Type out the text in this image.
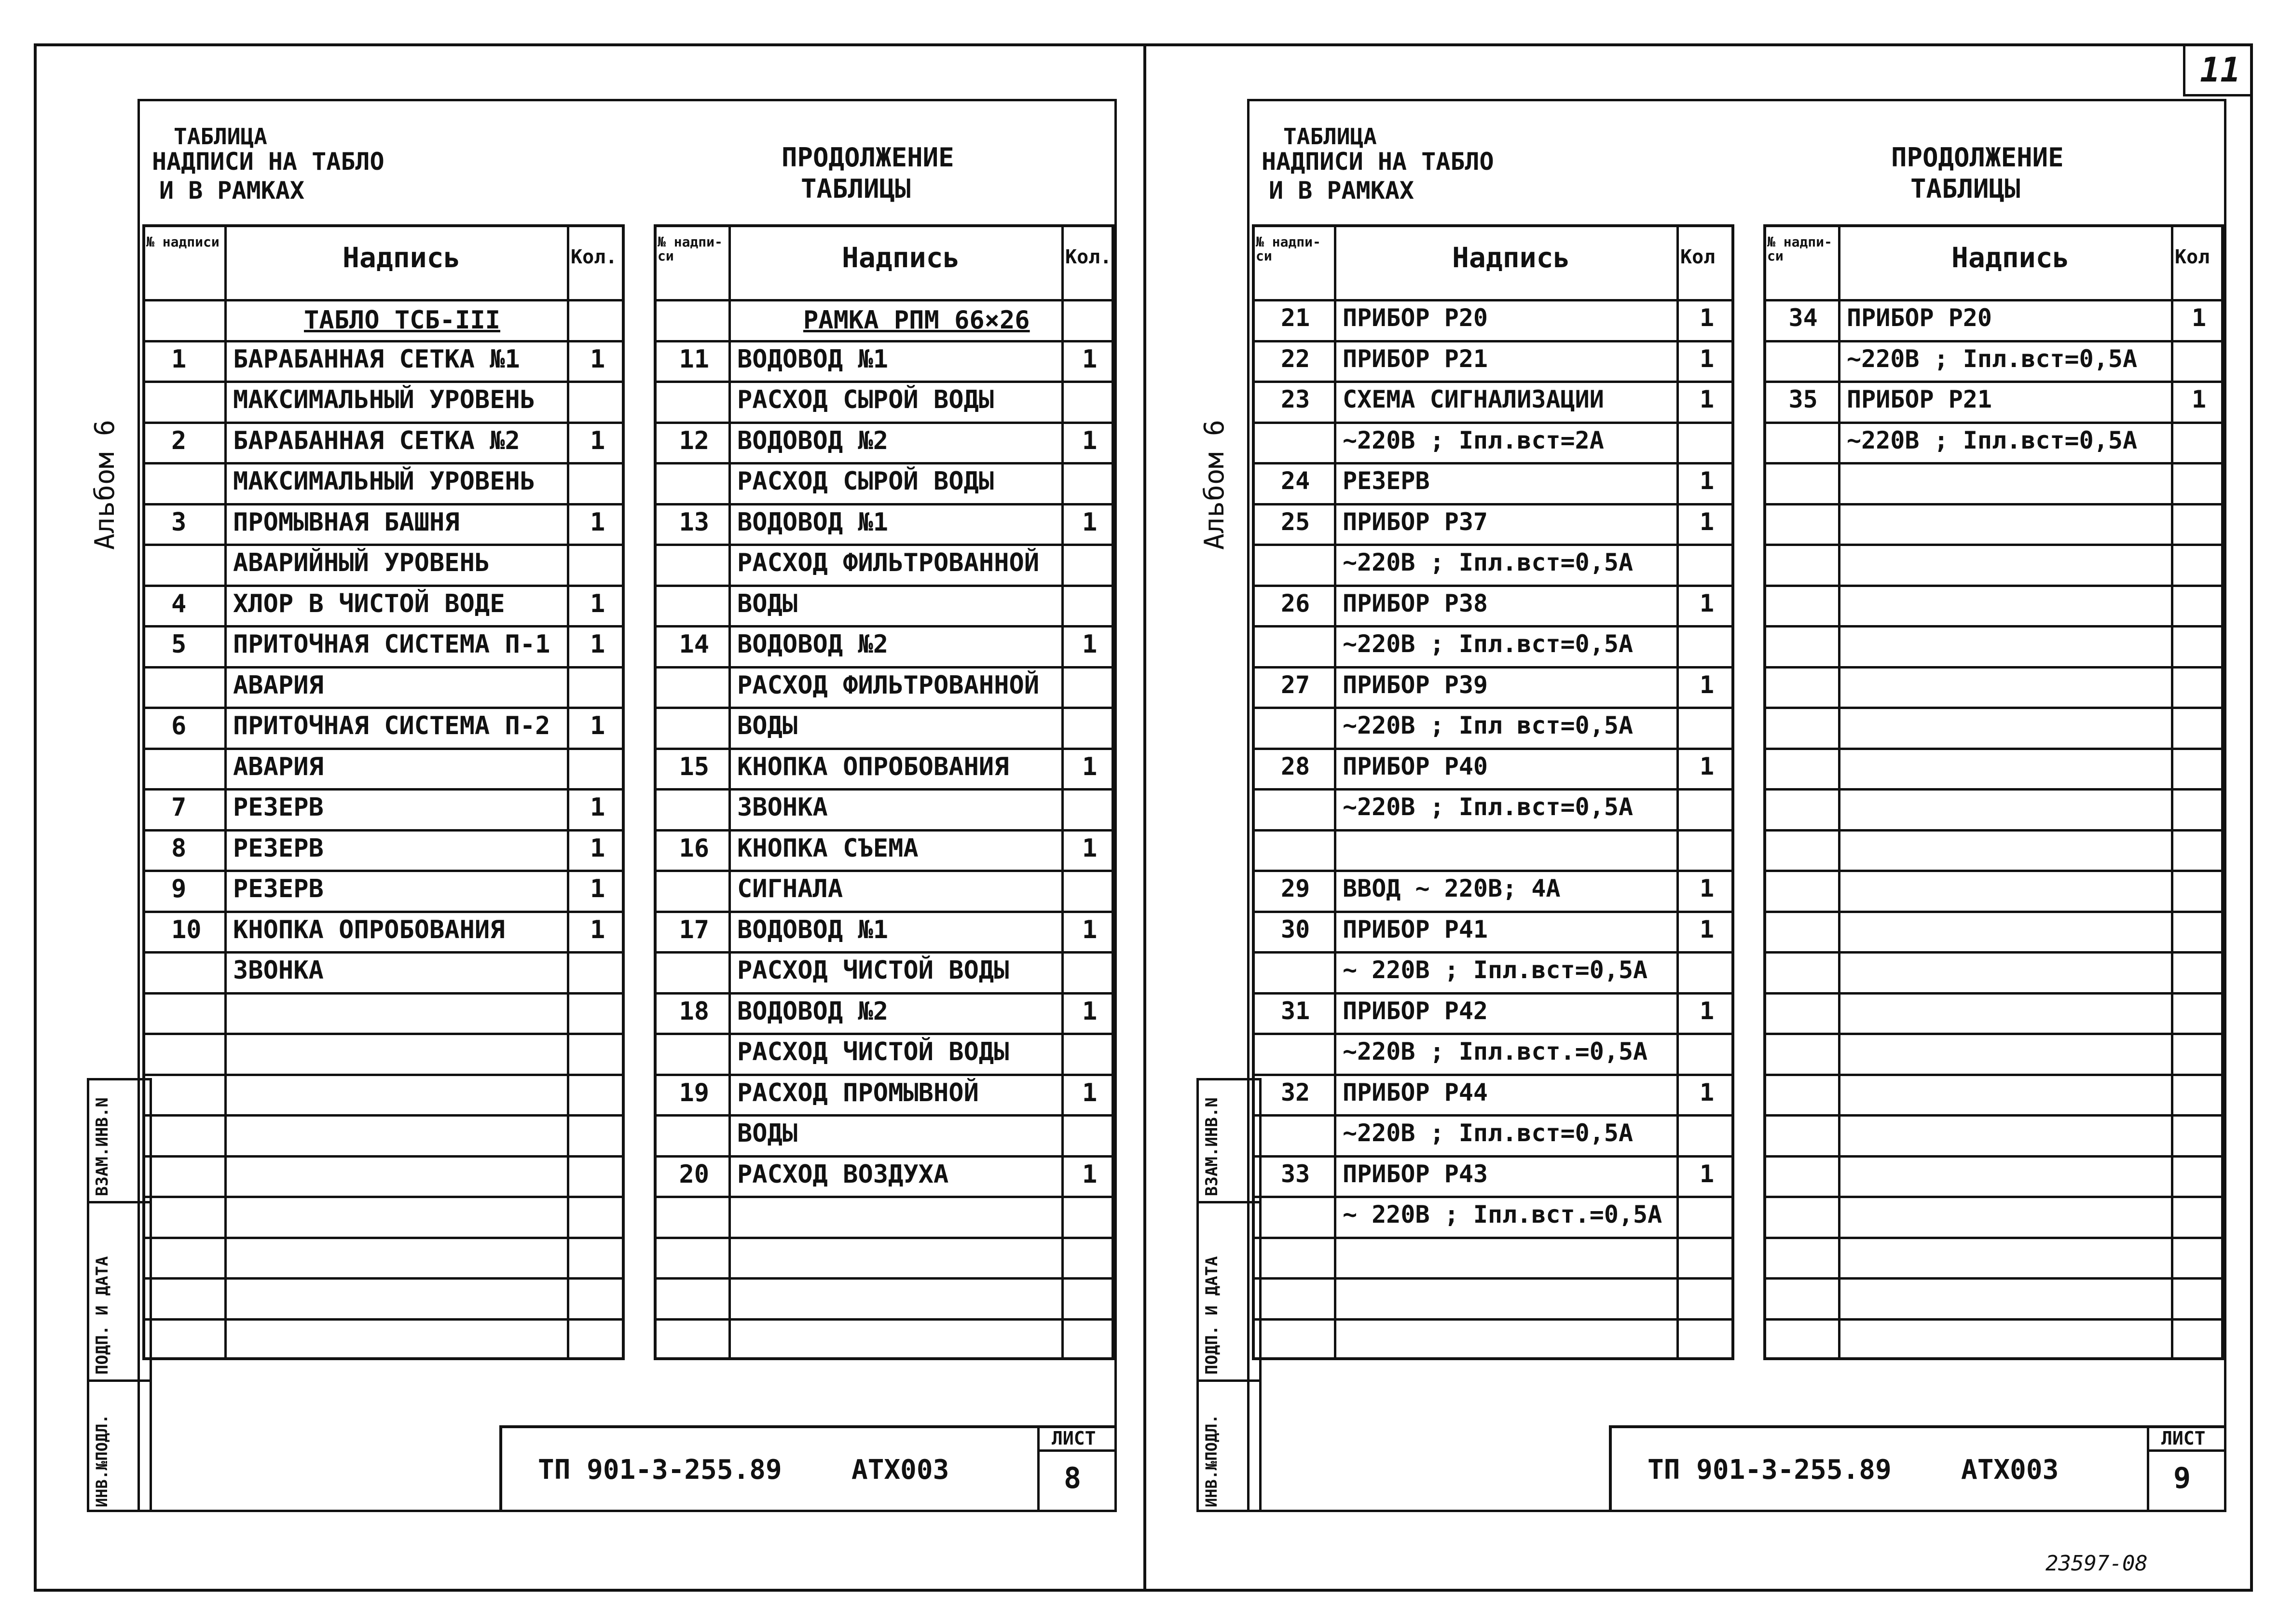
11
ВЗАМ.ИНВ.N
ПОДП. И ДАТА
ИНВ.№ПОДЛ.
Альбом 6
ТАБЛИЦА
НАДПИСИ НА ТАБЛО
И В РАМКАХ
ПРОДОЛЖЕНИЕ
ТАБЛИЦЫ
№ надписи	Надпись	Кол.
ТАБЛО ТСБ-III
1 БАРАБАННАЯ СЕТКА №1	1
МАКСИМАЛЬНЫЙ УРОВЕНЬ
2 БАРАБАННАЯ СЕТКА №2	1
МАКСИМАЛЬНЫЙ УРОВЕНЬ
3 ПРОМЫВНАЯ БАШНЯ	1
АВАРИЙНЫЙ УРОВЕНЬ
4 ХЛОР В ЧИСТОЙ ВОДЕ	1
5 ПРИТОЧНАЯ СИСТЕМА П-1 1
АВАРИЯ
6 ПРИТОЧНАЯ СИСТЕМА П-2 1
АВАРИЯ
7 РЕЗЕРВ	1
8 РЕЗЕРВ	1
9 РЕЗЕРВ	1
10 КНОПКА ОПРОБОВАНИЯ	1
ЗВОНКА
№ надпи-си	Надпись	Кол.
РАМКА РПМ 66×26
11 ВОДОВОД №1	1
РАСХОД СЫРОЙ ВОДЫ
12 ВОДОВОД №2	1
РАСХОД СЫРОЙ ВОДЫ
13 ВОДОВОД №1	1
РАСХОД ФИЛЬТРОВАННОЙ
ВОДЫ
14 ВОДОВОД №2	1
РАСХОД ФИЛЬТРОВАННОЙ
ВОДЫ
15 КНОПКА ОПРОБОВАНИЯ	1
ЗВОНКА
16 КНОПКА СЪЕМА	1
СИГНАЛА
17 ВОДОВОД №1	1
РАСХОД ЧИСТОЙ ВОДЫ
18 ВОДОВОД №2	1
РАСХОД ЧИСТОЙ ВОДЫ
19 РАСХОД ПРОМЫВНОЙ	1
ВОДЫ
20 РАСХОД ВОЗДУХА	1
ТП 901-3-255.89	АТХ003
ЛИСТ
8
ВЗАМ.ИНВ.N
ПОДП. И ДАТА
ИНВ.№ПОДЛ.
Альбом 6
ТАБЛИЦА
НАДПИСИ НА ТАБЛО
И В РАМКАХ
ПРОДОЛЖЕНИЕ
ТАБЛИЦЫ
№ надпи-си	Надпись	Кол
21 ПРИБОР Р20	1
22 ПРИБОР Р21	1
23 СХЕМА СИГНАЛИЗАЦИИ	1
~220В ; Iпл.вст=2А
24 РЕЗЕРВ	1
25 ПРИБОР Р37	1
~220В ; Iпл.вст=0,5А
26 ПРИБОР Р38	1
~220В ; Iпл.вст=0,5А
27 ПРИБОР Р39	1
~220В ; Iпл вст=0,5А
28 ПРИБОР Р40	1
~220В ; Iпл.вст=0,5А
29 ВВОД ~ 220В; 4А	1
30 ПРИБОР Р41	1
~ 220В ; Iпл.вст=0,5А
31 ПРИБОР Р42	1
~220В ; Iпл.вст.=0,5А
32 ПРИБОР Р44	1
~220В ; Iпл.вст=0,5А
33 ПРИБОР Р43	1
~ 220В ; Iпл.вст.=0,5А
№ надпи-си	Надпись	Кол
34 ПРИБОР Р20	1
~220В ; Iпл.вст=0,5А
35 ПРИБОР Р21	1
~220В ; Iпл.вст=0,5А
ТП 901-3-255.89	АТХ003
ЛИСТ
9
23597-08
